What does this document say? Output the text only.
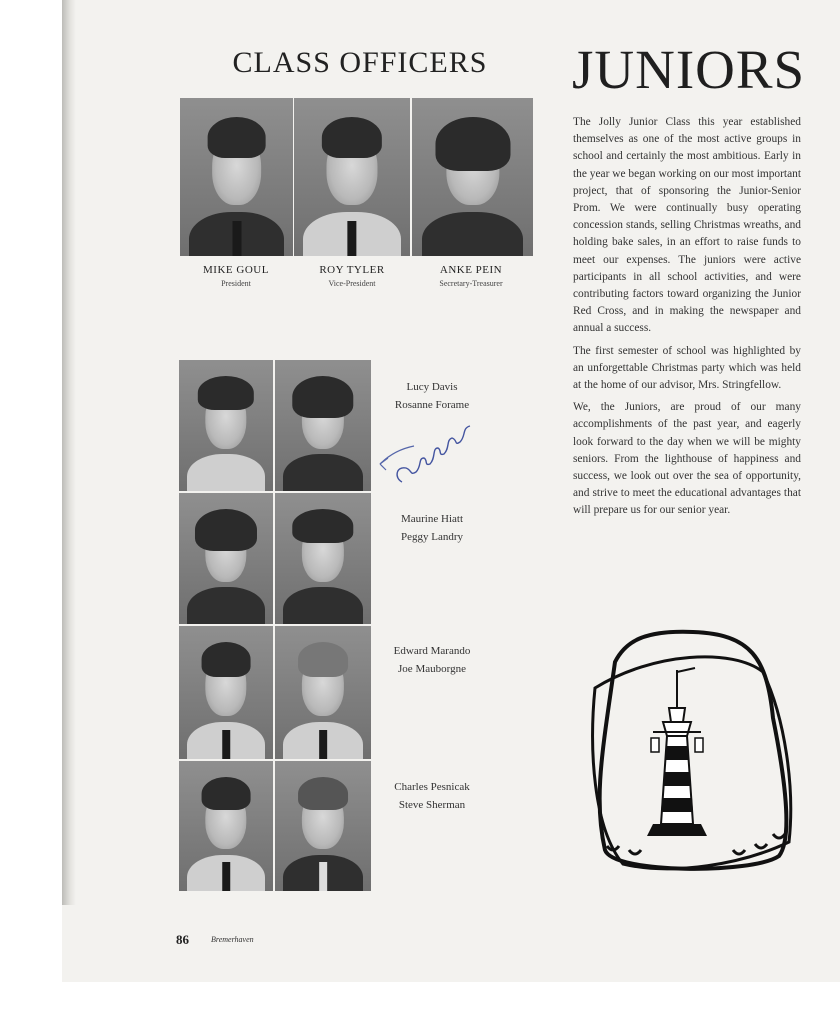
CLASS OFFICERS	JUNIORS
MIKE GOUL
President
ROY TYLER
Vice-President
ANKE PEIN
Secretary-Treasurer
Lucy Davis
Rosanne Forame
Maurine Hiatt
Peggy Landry
Edward Marando
Joe Mauborgne
Charles Pesnicak
Steve Sherman

The Jolly Junior Class this year established themselves as one of the most active groups in school and certainly the most ambitious. Early in the year we began working on our most important project, that of sponsoring the Junior-Senior Prom. We were continually busy operating concession stands, selling Christmas wreaths, and holding bake sales, in an effort to raise funds to meet our expenses. The juniors were active participants in all school activities, and were contributing factors toward organizing the Junior Red Cross, and in making the newspaper and annual a success.

The first semester of school was highlighted by an unforgettable Christmas party which was held at the home of our advisor, Mrs. Stringfellow.

We, the Juniors, are proud of our many accomplishments of the past year, and eagerly look forward to the day when we will be mighty seniors. From the lighthouse of happiness and success, we look out over the sea of opportunity, and strive to meet the educational advantages that will prepare us for our senior year.

86	Bremerhaven
